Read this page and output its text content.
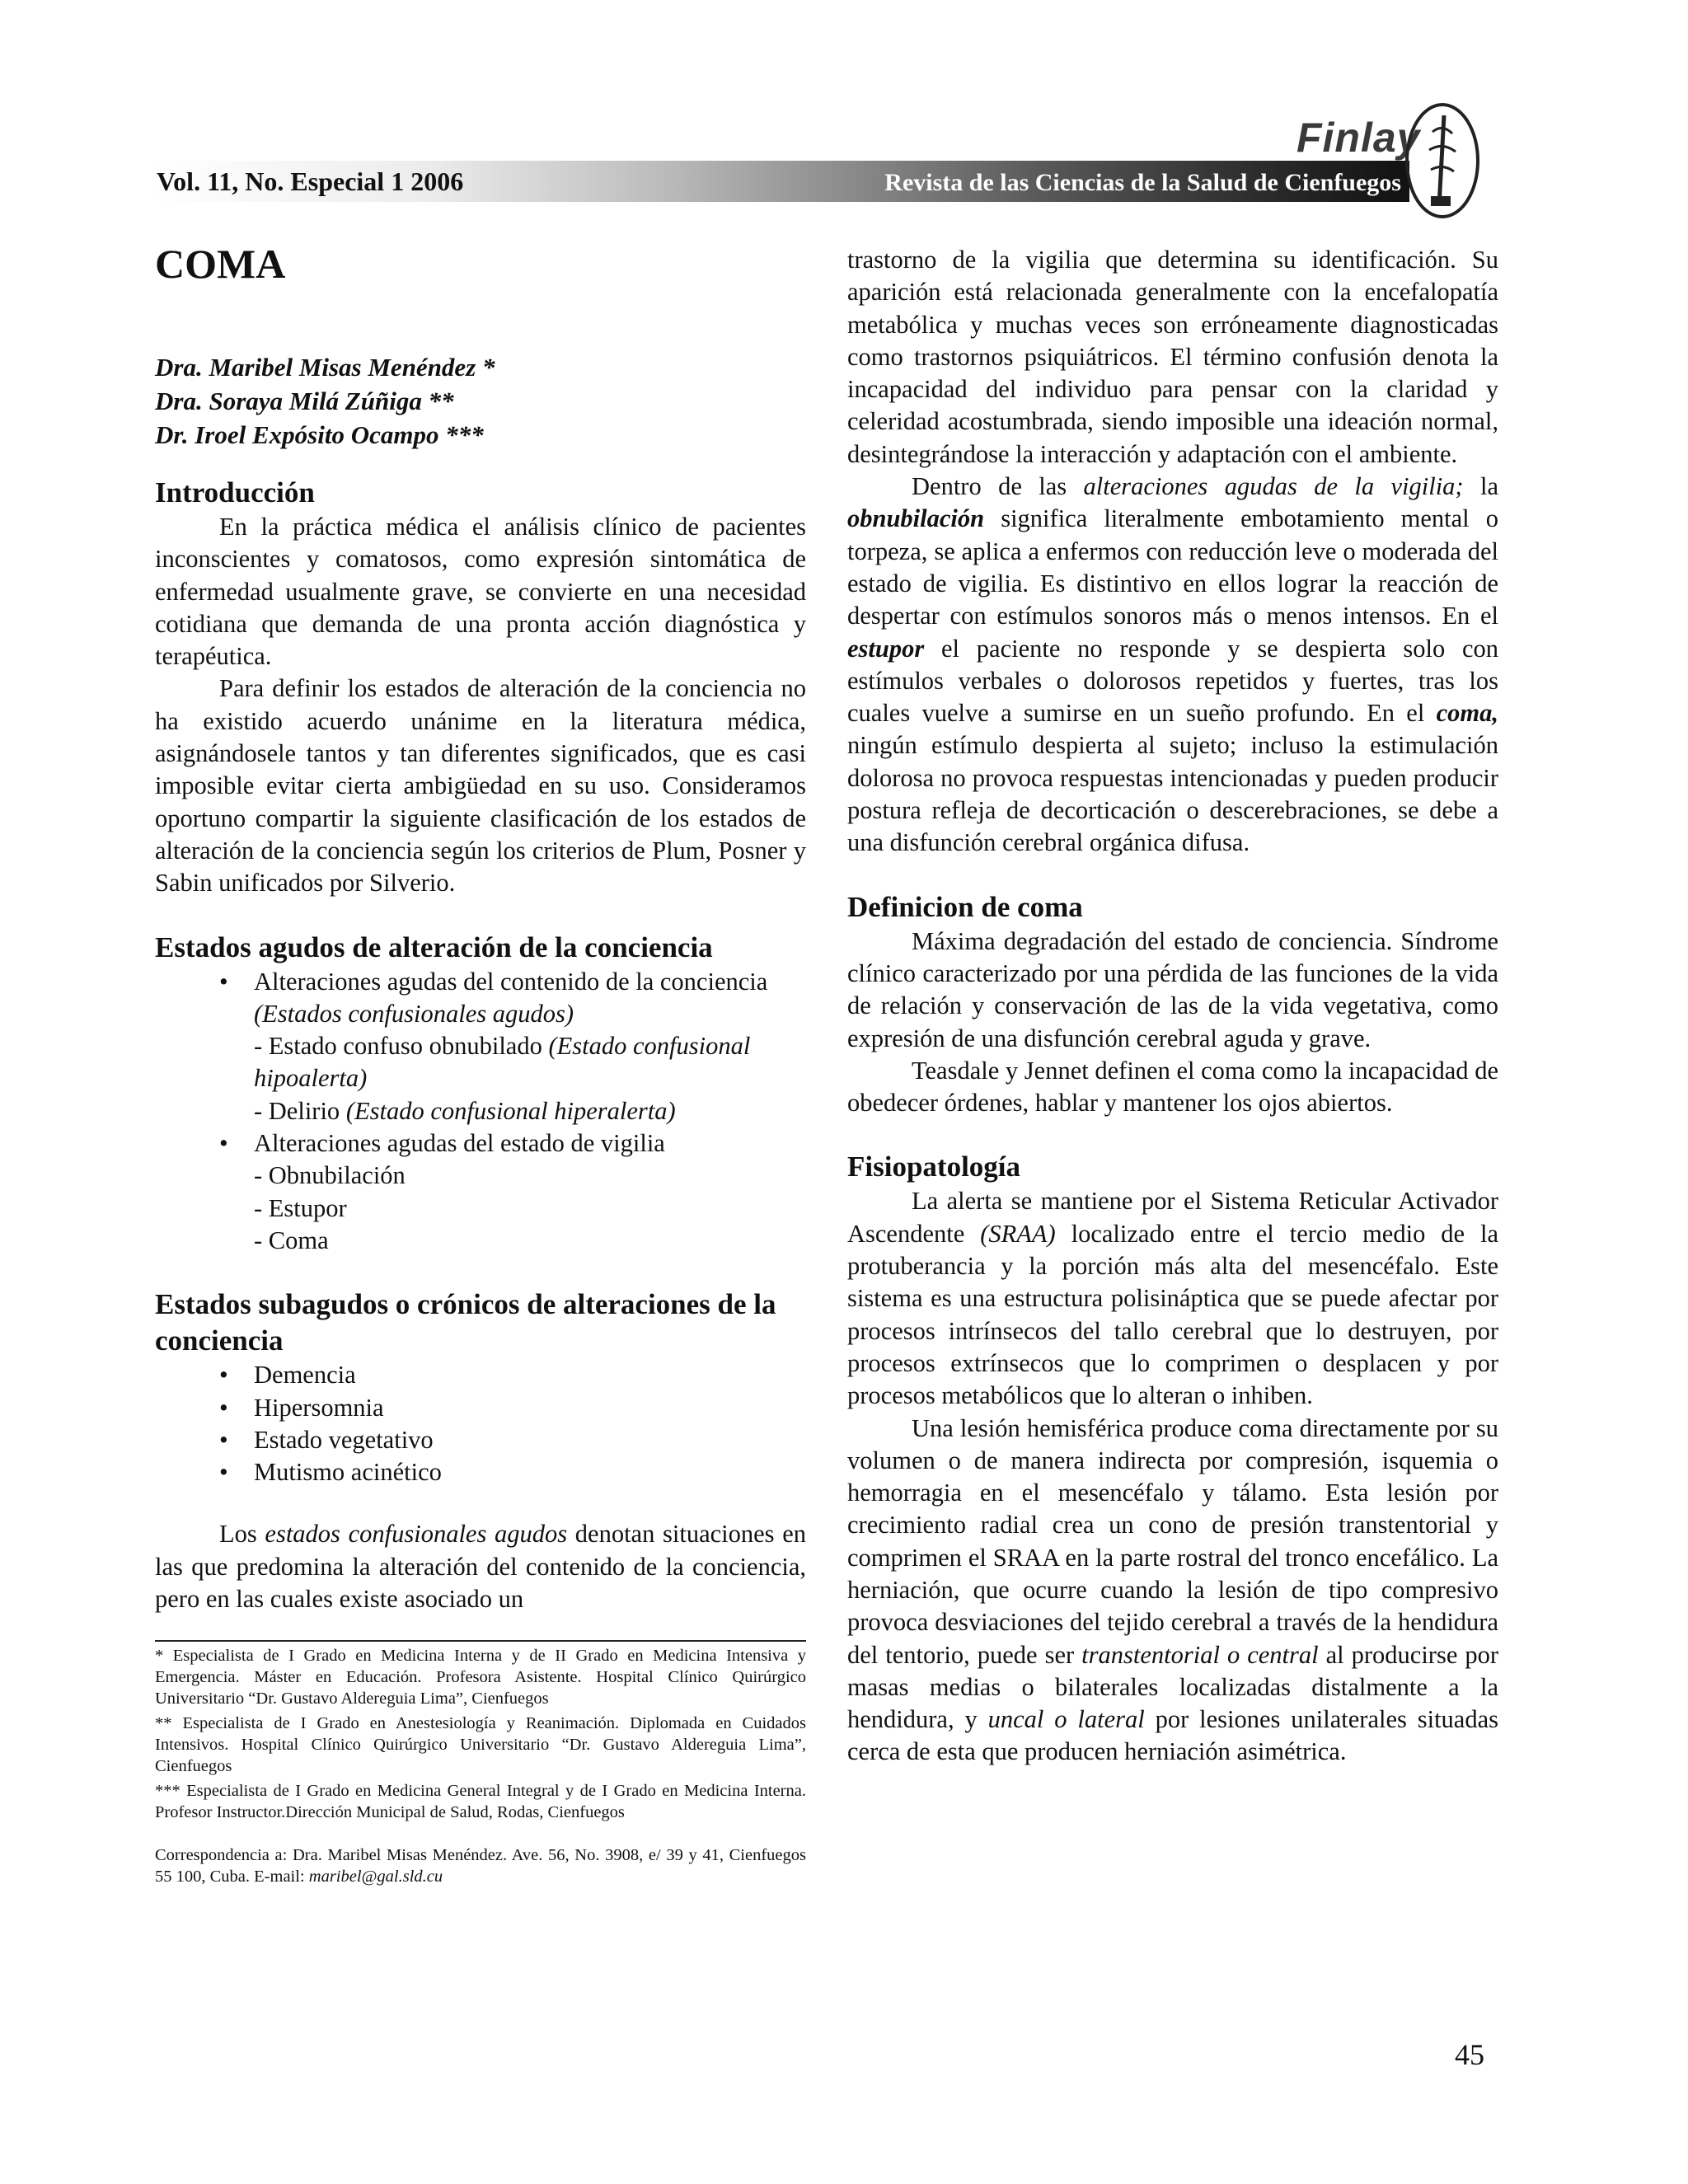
Vol. 11, No. Especial 1 2006	Revista de las Ciencias de la Salud de Cienfuegos
Finlay
COMA
Dra. Maribel Misas Menéndez *
Dra. Soraya Milá Zúñiga **
Dr. Iroel Expósito Ocampo ***
Introducción

En la práctica médica el análisis clínico de pacientes inconscientes y comatosos, como expresión sintomática de enfermedad usualmente grave, se convierte en una necesidad cotidiana que demanda de una pronta acción diagnóstica y terapéutica.

Para definir los estados de alteración de la conciencia no ha existido acuerdo unánime en la literatura médica, asignándosele tantos y tan diferentes significados, que es casi imposible evitar cierta ambigüedad en su uso. Consideramos oportuno compartir la siguiente clasificación de los estados de alteración de la conciencia según los criterios de Plum, Posner y Sabin unificados por Silverio.

Estados agudos de alteración de la conciencia
• Alteraciones agudas del contenido de la conciencia
(Estados confusionales agudos)
- Estado confuso obnubilado (Estado confusional hipoalerta)
- Delirio (Estado confusional hiperalerta)
• Alteraciones agudas del estado de vigilia
- Obnubilación
- Estupor
- Coma
Estados subagudos o crónicos de alteraciones de la conciencia
• Demencia
• Hipersomnia
• Estado vegetativo
• Mutismo acinético

Los estados confusionales agudos denotan situaciones en las que predomina la alteración del contenido de la conciencia, pero en las cuales existe asociado un

* Especialista de I Grado en Medicina Interna y de II Grado en Medicina Intensiva y Emergencia. Máster en Educación. Profesora Asistente. Hospital Clínico Quirúrgico Universitario “Dr. Gustavo Aldereguia Lima”, Cienfuegos

** Especialista de I Grado en Anestesiología y Reanimación. Diplomada en Cuidados Intensivos. Hospital Clínico Quirúrgico Universitario “Dr. Gustavo Aldereguia Lima”, Cienfuegos

*** Especialista de I Grado en Medicina General Integral y de I Grado en Medicina Interna. Profesor Instructor.Dirección Municipal de Salud, Rodas, Cienfuegos

Correspondencia a: Dra. Maribel Misas Menéndez. Ave. 56, No. 3908, e/ 39 y 41, Cienfuegos 55 100, Cuba. E-mail: maribel@gal.sld.cu

trastorno de la vigilia que determina su identificación. Su aparición está relacionada generalmente con la encefalopatía metabólica y muchas veces son erróneamente diagnosticadas como trastornos psiquiátricos. El término confusión denota la incapacidad del individuo para pensar con la claridad y celeridad acostumbrada, siendo imposible una ideación normal, desintegrándose la interacción y adaptación con el ambiente.

Dentro de las alteraciones agudas de la vigilia; la obnubilación significa literalmente embotamiento mental o torpeza, se aplica a enfermos con reducción leve o moderada del estado de vigilia. Es distintivo en ellos lograr la reacción de despertar con estímulos sonoros más o menos intensos. En el estupor el paciente no responde y se despierta solo con estímulos verbales o dolorosos repetidos y fuertes, tras los cuales vuelve a sumirse en un sueño profundo. En el coma, ningún estímulo despierta al sujeto; incluso la estimulación dolorosa no provoca respuestas intencionadas y pueden producir postura refleja de decorticación o descerebraciones, se debe a una disfunción cerebral orgánica difusa.

Definicion de coma

Máxima degradación del estado de conciencia. Síndrome clínico caracterizado por una pérdida de las funciones de la vida de relación y conservación de las de la vida vegetativa, como expresión de una disfunción cerebral aguda y grave.

Teasdale y Jennet definen el coma como la incapacidad de obedecer órdenes, hablar y mantener los ojos abiertos.

Fisiopatología

La alerta se mantiene por el Sistema Reticular Activador Ascendente (SRAA) localizado entre el tercio medio de la protuberancia y la porción más alta del mesencéfalo. Este sistema es una estructura polisináptica que se puede afectar por procesos intrínsecos del tallo cerebral que lo destruyen, por procesos extrínsecos que lo comprimen o desplacen y por procesos metabólicos que lo alteran o inhiben.

Una lesión hemisférica produce coma directamente por su volumen o de manera indirecta por compresión, isquemia o hemorragia en el mesencéfalo y tálamo. Esta lesión por crecimiento radial crea un cono de presión transtentorial y comprimen el SRAA en la parte rostral del tronco encefálico. La herniación, que ocurre cuando la lesión de tipo compresivo provoca desviaciones del tejido cerebral a través de la hendidura del tentorio, puede ser transtentorial o central al producirse por masas medias o bilaterales localizadas distalmente a la hendidura, y uncal o lateral por lesiones unilaterales situadas cerca de esta que producen herniación asimétrica.

45
